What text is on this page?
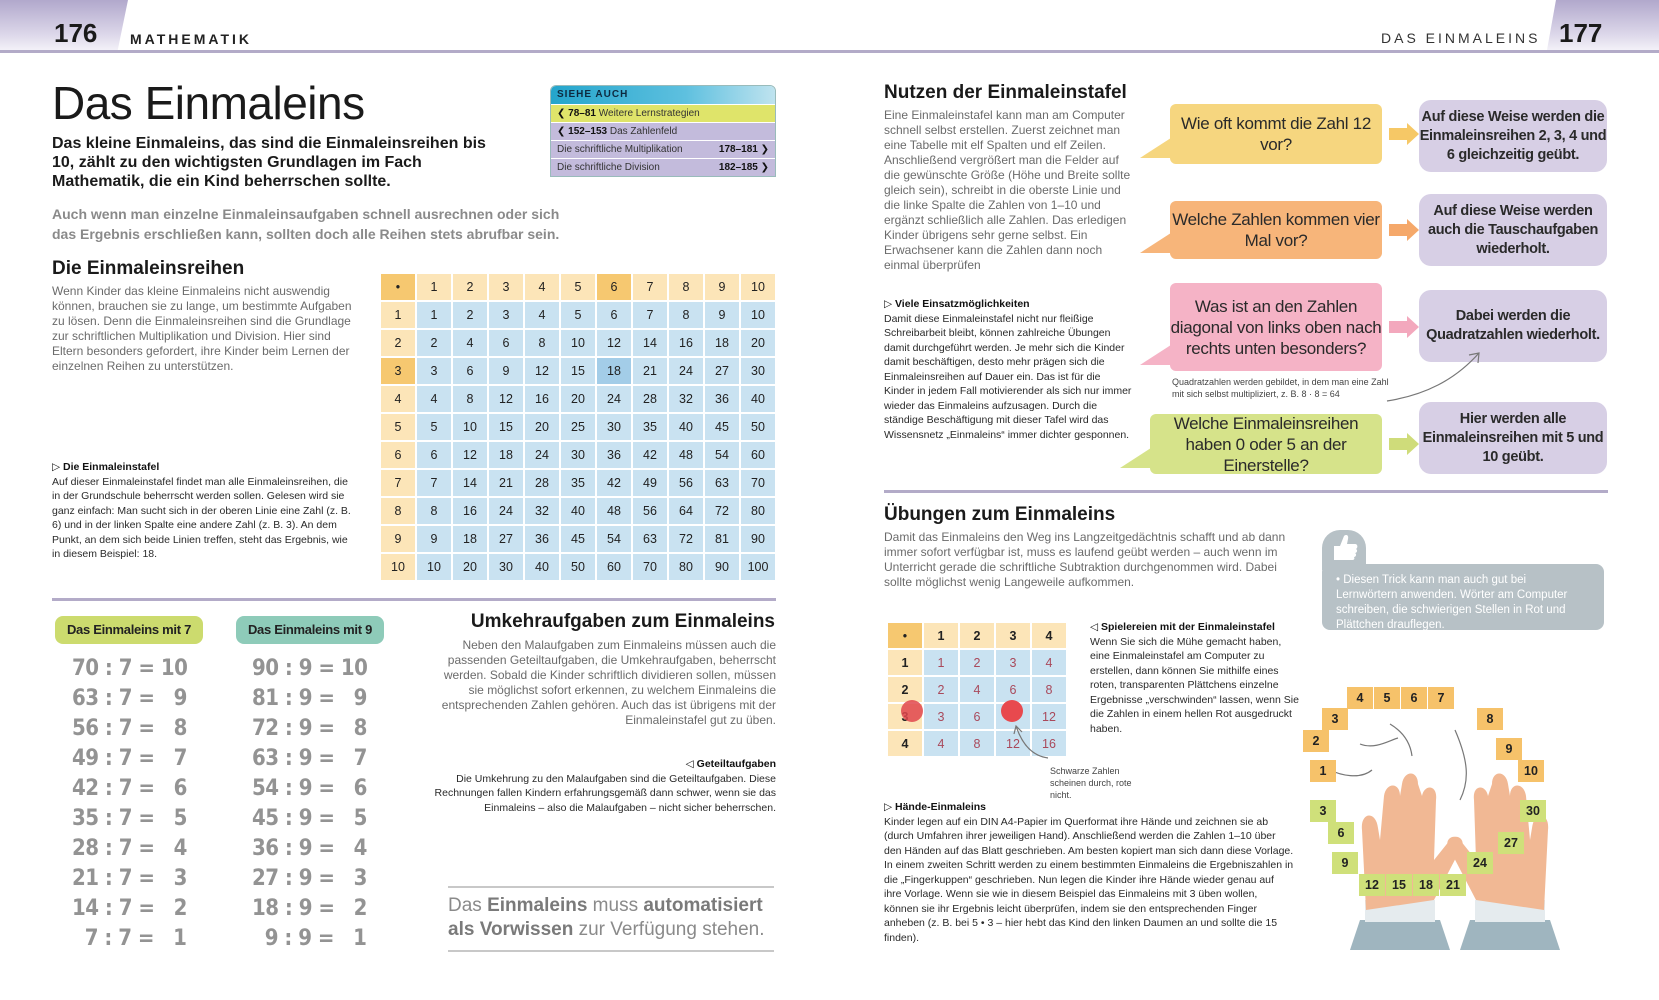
176 MATHEMATIK	DAS EINMALEINS 177
Das Einmaleins

Das kleine Einmaleins, das sind die Einmaleinsreihen bis 10, zählt zu den wichtigsten Grundlagen im Fach Mathematik, die ein Kind beherrschen sollte.

Auch wenn man einzelne Einmaleinsaufgaben schnell ausrechnen oder sich das Ergebnis erschließen kann, sollten doch alle Reihen stets abrufbar sein.

SIEHE AUCH
❮ 78–81 Weitere Lernstrategien
❮ 152–153 Das Zahlenfeld
Die schriftliche Multiplikation	178–181 ❯
Die schriftliche Division	182–185 ❯
Die Einmaleinsreihen

Wenn Kinder das kleine Einmaleins nicht auswendig können, brauchen sie zu lange, um bestimmte Aufgaben zu lösen. Denn die Einmaleinsreihen sind die Grundlage zur schriftlichen Multiplikation und Division. Hier sind Eltern besonders gefordert, ihre Kinder beim Lernen der einzelnen Reihen zu unterstützen.

▷ Die Einmaleinstafel
Auf dieser Einmaleinstafel findet man alle Einmaleinsreihen, die in der Grundschule beherrscht werden sollen. Gelesen wird sie ganz einfach: Man sucht sich in der oberen Linie eine Zahl (z. B. 6) und in der linken Spalte eine andere Zahl (z. B. 3). An dem Punkt, an dem sich beide Linien treffen, steht das Ergebnis, wie in diesem Beispiel: 18.
•	1	2	3	4	5	6	7	8	9	10
1	1	2	3	4	5	6	7	8	9	10
2	2	4	6	8	10	12	14	16	18	20
3	3	6	9	12	15	18	21	24	27	30
4	4	8	12	16	20	24	28	32	36	40
5	5	10	15	20	25	30	35	40	45	50
6	6	12	18	24	30	36	42	48	54	60
7	7	14	21	28	35	42	49	56	63	70
8	8	16	24	32	40	48	56	64	72	80
9	9	18	27	36	45	54	63	72	81	90
10	10	20	30	40	50	60	70	80	90	100
Das Einmaleins mit 7	Das Einmaleins mit 9
70 : 7 = 10
63 : 7 =   9
56 : 7 =   8
49 : 7 =   7
42 : 7 =   6
35 : 7 =   5
28 : 7 =   4
21 : 7 =   3
14 : 7 =   2
7 : 7 =   1
90 : 9 = 10
81 : 9 =   9
72 : 9 =   8
63 : 9 =   7
54 : 9 =   6
45 : 9 =   5
36 : 9 =   4
27 : 9 =   3
18 : 9 =   2
9 : 9 =   1
Umkehraufgaben zum Einmaleins

Neben den Malaufgaben zum Einmaleins müssen auch die passenden Geteiltaufgaben, die Umkehraufgaben, beherrscht werden. Sobald die Kinder schriftlich dividieren sollen, müssen sie möglichst sofort erkennen, zu welchem Einmaleins die entsprechenden Zahlen gehören. Auch das ist übrigens mit der Einmaleinstafel gut zu üben.

◁ Geteiltaufgaben
Die Umkehrung zu den Malaufgaben sind die Geteiltaufgaben. Diese Rechnungen fallen Kindern erfahrungsgemäß dann schwer, wenn sie das Einmaleins – also die Malaufgaben – nicht sicher beherrschen.
Das Einmaleins muss automatisiert
als Vorwissen zur Verfügung stehen.
Nutzen der Einmaleinstafel

Eine Einmaleinstafel kann man am Computer schnell selbst erstellen. Zuerst zeichnet man eine Tabelle mit elf Spalten und elf Zeilen. Anschließend vergrößert man die Felder auf die gewünschte Größe (Höhe und Breite sollte gleich sein), schreibt in die oberste Linie und die linke Spalte die Zahlen von 1–10 und ergänzt schließlich alle Zahlen. Das erledigen Kinder übrigens sehr gerne selbst. Ein Erwachsener kann die Zahlen dann noch einmal überprüfen

▷ Viele Einsatzmöglichkeiten
Damit diese Einmaleinstafel nicht nur fleißige Schreibarbeit bleibt, können zahlreiche Übungen damit durchgeführt werden. Je mehr sich die Kinder damit beschäftigen, desto mehr prägen sich die Einmaleinsreihen auf Dauer ein. Das ist für die Kinder in jedem Fall motivierender als sich nur immer wieder das Einmaleins aufzusagen. Durch die ständige Beschäftigung mit dieser Tafel wird das Wissensnetz „Einmaleins“ immer dichter gesponnen.
Wie oft kommt die Zahl 12 vor?
Auf diese Weise werden die Einmaleinsreihen 2, 3, 4 und 6 gleichzeitig geübt.
Welche Zahlen kommen vier Mal vor?
Auf diese Weise werden auch die Tauschaufgaben wiederholt.
Was ist an den Zahlen diagonal von links oben nach rechts unten besonders?
Dabei werden die Quadratzahlen wiederholt.
Quadratzahlen werden gebildet, in dem man eine Zahl mit sich selbst multipliziert, z. B. 8 · 8 = 64
Welche Einmaleinsreihen haben 0 oder 5 an der Einerstelle?
Hier werden alle Einmaleinsreihen mit 5 und 10 geübt.
Übungen zum Einmaleins

Damit das Einmaleins den Weg ins Langzeitgedächtnis schafft und ab dann immer sofort verfügbar ist, muss es laufend geübt werden – auch wenn im Unterricht gerade die schriftliche Subtraktion durchgenommen wird. Dabei sollte möglichst wenig Langeweile aufkommen.	• Diesen Trick kann man auch gut bei Lernwörtern anwenden. Wörter am Computer schreiben, die schwierigen Stellen in Rot und Plättchen drauflegen.
•	1	2	3	4
1	1	2	3	4
2	2	4	6	8
	3	6		12
4	4	8	12	16
Schwarze Zahlen scheinen durch, rote nicht.
◁ Spielereien mit der Einmaleinstafel
Wenn Sie sich die Mühe gemacht haben, eine Einmaleinstafel am Computer zu erstellen, dann können Sie mithilfe eines roten, transparenten Plättchens einzelne Ergebnisse „verschwinden“ lassen, wenn Sie die Zahlen in einem hellen Rot ausgedruckt haben.
▷ Hände-Einmaleins
Kinder legen auf ein DIN A4-Papier im Querformat ihre Hände und zeichnen sie ab (durch Umfahren ihrer jeweiligen Hand). Anschließend werden die Zahlen 1–10 über den Händen auf das Blatt geschrieben. Am besten kopiert man sich dann diese Vorlage. In einem zweiten Schritt werden zu einem bestimmten Einmaleins die Ergebniszahlen in die „Fingerkuppen“ geschrieben. Nun legen die Kinder ihre Hände wieder genau auf ihre Vorlage. Wenn sie wie in diesem Beispiel das Einmaleins mit 3 üben wollen, können sie ihr Ergebnis leicht überprüfen, indem sie den entsprechenden Finger anheben (z. B. bei 5 • 3 – hier hebt das Kind den linken Daumen an und sollte die 15 finden).
1
2
3
4	5	6	7
8
9
10
3
6
9
12	15	18	21
24
27
30
